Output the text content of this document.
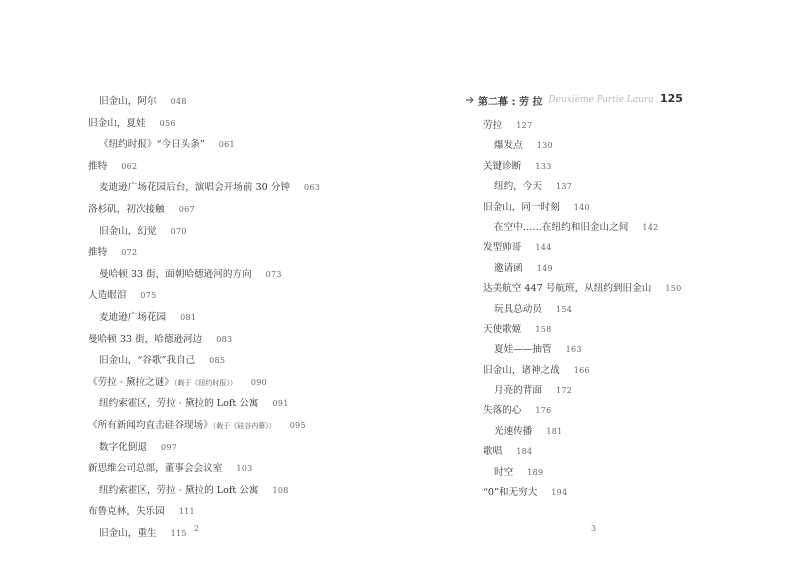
旧金山，阿尔 048
旧金山，夏娃 056
《纽约时报》“今日头条” 061
推特 062
麦迪逊广场花园后台，演唱会开场前 30 分钟 063
洛杉矶，初次接触 067
旧金山，幻觉 070
推特 072
曼哈顿 33 街，面朝哈德逊河的方向 073
人造眼泪 075
麦迪逊广场花园 081
曼哈顿 33 街，哈德逊河边 083
旧金山，“谷歌”我自己 085
《劳拉 · 黛拉之谜》（载于《纽约时报》） 090
纽约索霍区，劳拉 · 黛拉的 Loft 公寓 091
《所有新闻均直击硅谷现场》（载于《硅谷内幕》） 095
数字化倒退 097
新思维公司总部，董事会会议室 103
纽约索霍区，劳拉 · 黛拉的 Loft 公寓 108
布鲁克林，失乐园 111
旧金山，重生 115
2
第二幕 : 劳 拉 Deuxième Partie Laura 125
劳拉 127
爆发点 130
关键诊断 133
纽约，今天 137
旧金山，同一时刻 140
在空中……在纽约和旧金山之间 142
发型帅哥 144
邀请函 149
达美航空 447 号航班，从纽约到旧金山 150
玩具总动员 154
天使歌姬 158
夏娃——抽管 163
旧金山，诸神之战 166
月亮的背面 172
失落的心 176
光速传播 181
歌唱 184
时空 189
“0”和无穷大 194
3
